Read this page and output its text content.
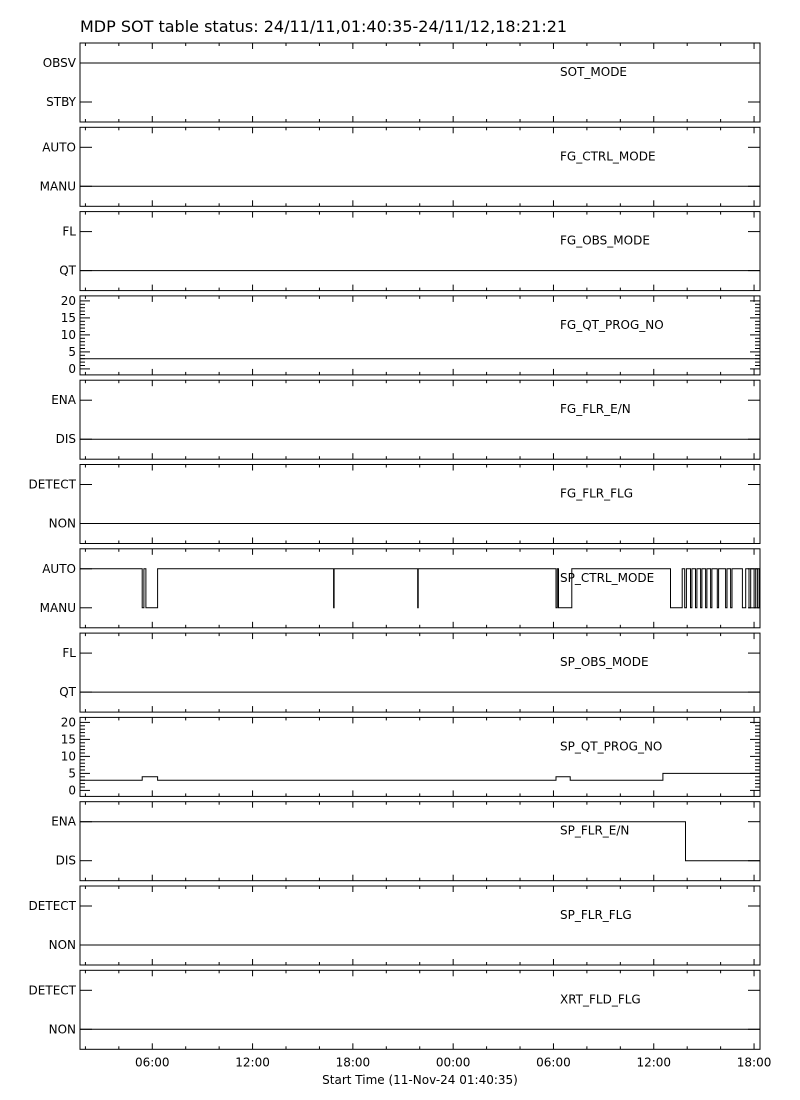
MDP SOT table status: 24/11/11,01:40:35-24/11/12,18:21:21
OBSV
STBY
SOT_MODE
AUTO
MANU
FG_CTRL_MODE
FL
QT
FG_OBS_MODE
0
5
10
15
20
FG_QT_PROG_NO
ENA
DIS
FG_FLR_E/N
DETECT
NON
FG_FLR_FLG
AUTO
MANU
SP_CTRL_MODE
FL
QT
SP_OBS_MODE
0
5
10
15
20
SP_QT_PROG_NO
ENA
DIS
SP_FLR_E/N
DETECT
NON
SP_FLR_FLG
DETECT
NON
XRT_FLD_FLG
06:00	12:00	18:00	00:00	06:00	12:00	18:00
Start Time (11-Nov-24 01:40:35)
